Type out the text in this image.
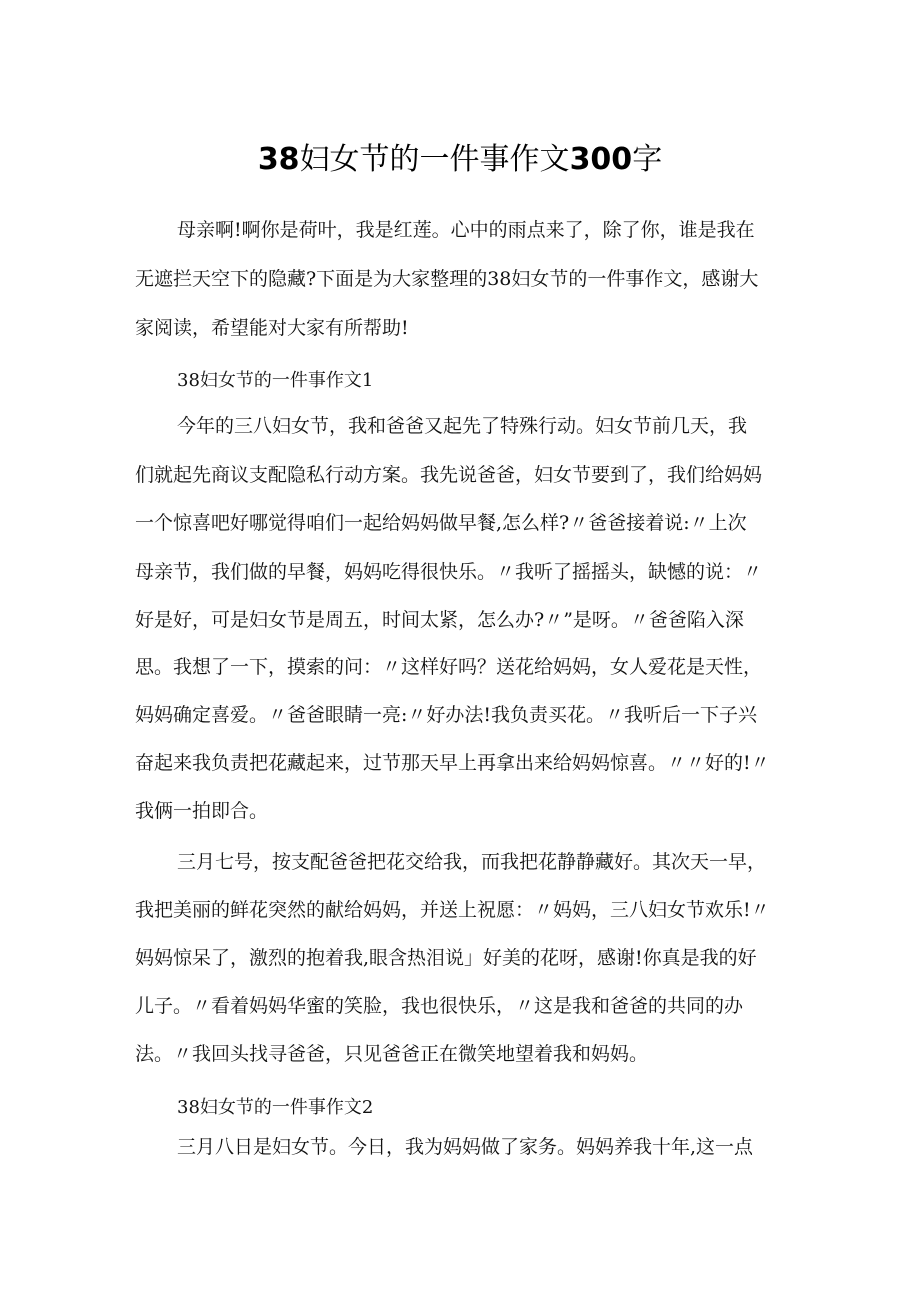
38妇女节的一件事作文300字
母亲啊!啊你是荷叶，我是红莲。心中的雨点来了，除了你，谁是我在
无遮拦天空下的隐藏?下面是为大家整理的38妇女节的一件事作文，感谢大
家阅读，希望能对大家有所帮助!
38妇女节的一件事作文1
今年的三八妇女节，我和爸爸又起先了特殊行动。妇女节前几天，我
们就起先商议支配隐私行动方案。我先说爸爸，妇女节要到了，我们给妈妈
一个惊喜吧好哪觉得咱们一起给妈妈做早餐,怎么样?〃爸爸接着说:〃上次
母亲节，我们做的早餐，妈妈吃得很快乐。〃我听了摇摇头，缺憾的说：〃
好是好，可是妇女节是周五，时间太紧，怎么办?〃”是呀。〃爸爸陷入深
思。我想了一下，摸索的问：〃这样好吗？送花给妈妈，女人爱花是天性，
妈妈确定喜爱。〃爸爸眼睛一亮:〃好办法!我负责买花。〃我听后一下子兴
奋起来我负责把花藏起来，过节那天早上再拿出来给妈妈惊喜。〃〃好的!〃
我俩一拍即合。
三月七号，按支配爸爸把花交给我，而我把花静静藏好。其次天一早，
我把美丽的鲜花突然的献给妈妈，并送上祝愿：〃妈妈，三八妇女节欢乐!〃
妈妈惊呆了，激烈的抱着我,眼含热泪说」好美的花呀，感谢!你真是我的好
儿子。〃看着妈妈华蜜的笑脸，我也很快乐，〃这是我和爸爸的共同的办
法。〃我回头找寻爸爸，只见爸爸正在微笑地望着我和妈妈。
38妇女节的一件事作文2
三月八日是妇女节。今日，我为妈妈做了家务。妈妈养我十年,这一点
